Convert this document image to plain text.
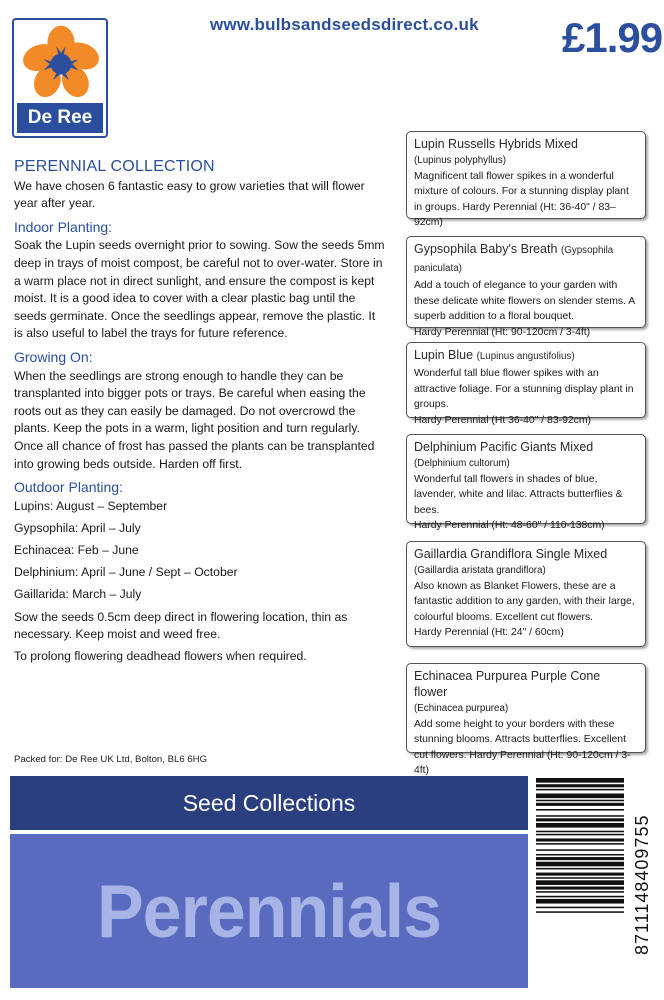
De Ree
www.bulbsandseedsdirect.co.uk £1.99
PERENNIAL COLLECTION

We have chosen 6 fantastic easy to grow varieties that will flower year after year.

Indoor Planting:

Soak the Lupin seeds overnight prior to sowing. Sow the seeds 5mm deep in trays of moist compost, be careful not to over-water. Store in a warm place not in direct sunlight, and ensure the compost is kept moist. It is a good idea to cover with a clear plastic bag until the seeds germinate. Once the seedlings appear, remove the plastic. It is also useful to label the trays for future reference.

Growing On:

When the seedlings are strong enough to handle they can be transplanted into bigger pots or trays. Be careful when easing the roots out as they can easily be damaged. Do not overcrowd the plants. Keep the pots in a warm, light position and turn regularly. Once all chance of frost has passed the plants can be transplanted into growing beds outside. Harden off first.

Outdoor Planting:
Lupins: August – September
Gypsophila: April – July
Echinacea: Feb – June
Delphinium: April – June / Sept – October
Gaillarida: March – July

Sow the seeds 0.5cm deep direct in flowering location, thin as necessary. Keep moist and weed free.

To prolong flowering deadhead flowers when required.

Lupin Russells Hybrids Mixed
(Lupinus polyphyllus)

Magnificent tall flower spikes in a wonderful mixture of colours. For a stunning display plant in groups. Hardy Perennial (Ht: 36-40" / 83–92cm)

Gypsophila Baby's Breath (Gypsophila paniculata)

Add a touch of elegance to your garden with these delicate white flowers on slender stems. A superb addition to a floral bouquet.

Hardy Perennial (Ht: 90-120cm / 3-4ft)

Lupin Blue (Lupinus angustifolius)

Wonderful tall blue flower spikes with an attractive foliage. For a stunning display plant in groups.

Hardy Perennial (Ht 36-40" / 83-92cm)

Delphinium Pacific Giants Mixed
(Delphinium cultorum)

Wonderful tall flowers in shades of blue, lavender, white and lilac. Attracts butterflies & bees.

Hardy Perennial (Ht: 48-60" / 110-138cm)

Gaillardia Grandiflora Single Mixed
(Gaillardia aristata grandiflora)

Also known as Blanket Flowers, these are a fantastic addition to any garden, with their large, colourful blooms. Excellent cut flowers.

Hardy Perennial (Ht: 24" / 60cm)

Echinacea Purpurea Purple Cone flower
(Echinacea purpurea)

Add some height to your borders with these stunning blooms. Attracts butterflies. Excellent cut flowers. Hardy Perennial (Ht: 90-120cm / 3-4ft)

Packed for: De Ree UK Ltd, Bolton, BL6 6HG
Seed Collections
Perennials	8711148409755
